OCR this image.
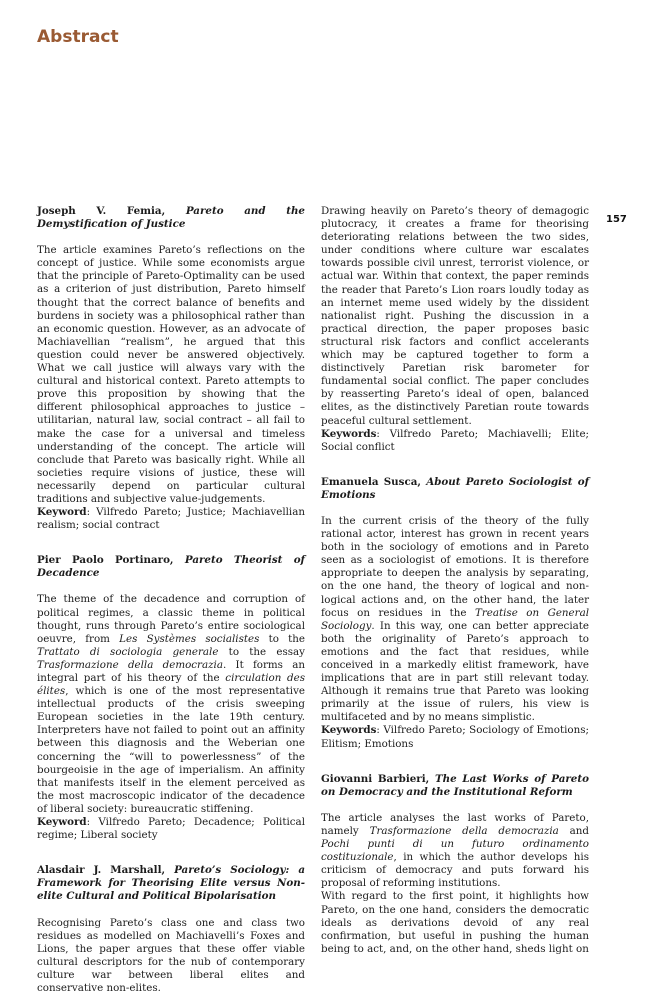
Abstract
157
Joseph V. Femia, Pareto and the Demystification of Justice

The article examines Pareto’s reflections on the concept of justice. While some economists argue that the principle of Pareto-Optimality can be used as a criterion of just distribution, Pareto himself thought that the correct balance of benefits and burdens in society was a philosophical rather than an economic question. However, as an advocate of Machiavellian “realism”, he argued that this question could never be answered objectively. What we call justice will always vary with the cultural and historical context. Pareto attempts to prove this proposition by showing that the different philosophical approaches to justice – utilitarian, natural law, social contract – all fail to make the case for a universal and timeless understanding of the concept. The article will conclude that Pareto was basically right. While all societies require visions of justice, these will necessarily depend on particular cultural traditions and subjective value-judgements.

Keyword: Vilfredo Pareto; Justice; Machiavellian realism; social contract
Pier Paolo Portinaro, Pareto Theorist of Decadence

The theme of the decadence and corruption of political regimes, a classic theme in political thought, runs through Pareto’s entire sociological oeuvre, from Les Systèmes socialistes to the Trattato di sociologia generale to the essay Trasformazione della democrazia. It forms an integral part of his theory of the circulation des élites, which is one of the most representative intellectual products of the crisis sweeping European societies in the late 19th century. Interpreters have not failed to point out an affinity between this diagnosis and the Weberian one concerning the “will to powerlessness” of the bourgeoisie in the age of imperialism. An affinity that manifests itself in the element perceived as the most macroscopic indicator of the decadence of liberal society: bureaucratic stiffening.

Keyword: Vilfredo Pareto; Decadence; Political regime; Liberal society
Alasdair J. Marshall, Pareto’s Sociology: a Framework for Theorising Elite versus Non-elite Cultural and Political Bipolarisation

Recognising Pareto’s class one and class two residues as modelled on Machiavelli’s Foxes and Lions, the paper argues that these offer viable cultural descriptors for the nub of contemporary culture war between liberal elites and conservative non-elites.

Drawing heavily on Pareto’s theory of demagogic plutocracy, it creates a frame for theorising deteriorating relations between the two sides, under conditions where culture war escalates towards possible civil unrest, terrorist violence, or actual war. Within that context, the paper reminds the reader that Pareto’s Lion roars loudly today as an internet meme used widely by the dissident nationalist right. Pushing the discussion in a practical direction, the paper proposes basic structural risk factors and conflict accelerants which may be captured together to form a distinctively Paretian risk barometer for fundamental social conflict. The paper concludes by reasserting Pareto’s ideal of open, balanced elites, as the distinctively Paretian route towards peaceful cultural settlement.

Keywords: Vilfredo Pareto; Machiavelli; Elite; Social conflict
Emanuela Susca, About Pareto Sociologist of Emotions

In the current crisis of the theory of the fully rational actor, interest has grown in recent years both in the sociology of emotions and in Pareto seen as a sociologist of emotions. It is therefore appropriate to deepen the analysis by separating, on the one hand, the theory of logical and non-logical actions and, on the other hand, the later focus on residues in the Treatise on General Sociology. In this way, one can better appreciate both the originality of Pareto’s approach to emotions and the fact that residues, while conceived in a markedly elitist framework, have implications that are in part still relevant today. Although it remains true that Pareto was looking primarily at the issue of rulers, his view is multifaceted and by no means simplistic.

Keywords: Vilfredo Pareto; Sociology of Emotions; Elitism; Emotions
Giovanni Barbieri, The Last Works of Pareto on Democracy and the Institutional Reform

The article analyses the last works of Pareto, namely Trasformazione della democrazia and Pochi punti di un futuro ordinamento costituzionale, in which the author develops his criticism of democracy and puts forward his proposal of reforming institutions.

With regard to the first point, it highlights how Pareto, on the one hand, considers the democratic ideals as derivations devoid of any real confirmation, but useful in pushing the human being to act, and, on the other hand, sheds light on
